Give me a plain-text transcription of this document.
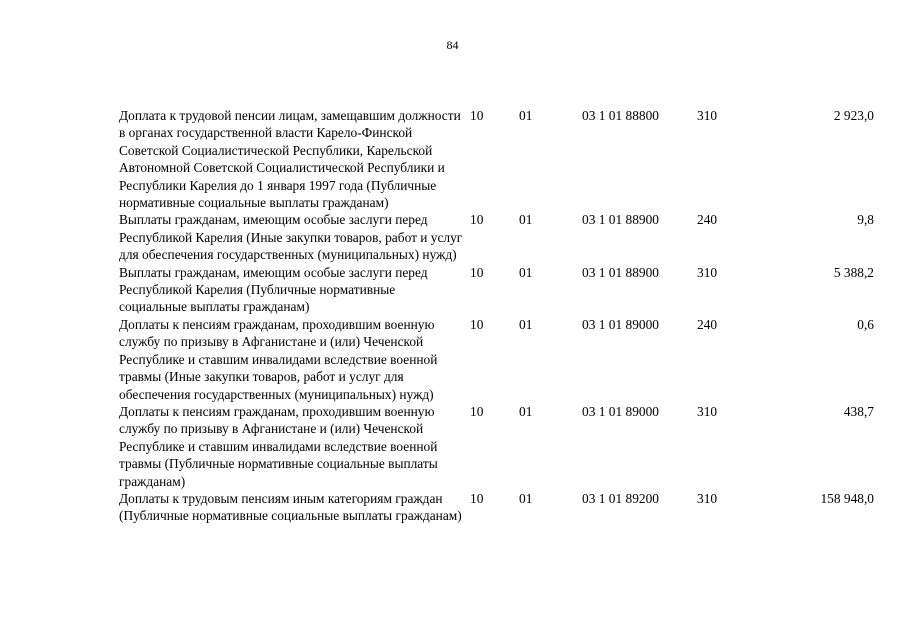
84
Доплата к трудовой пенсии лицам, замещавшим должности в органах государственной власти Карело-Финской Советской Социалистической Республики, Карельской Автономной Советской Социалистической Республики и Республики Карелия до 1 января 1997 года (Публичные нормативные социальные выплаты гражданам)
10	01	03 1 01 88800	310	2 923,0
Выплаты гражданам, имеющим особые заслуги перед Республикой Карелия (Иные закупки товаров, работ и услуг для обеспечения государственных (муниципальных) нужд)
10	01	03 1 01 88900	240	9,8
Выплаты гражданам, имеющим особые заслуги перед Республикой Карелия (Публичные нормативные социальные выплаты гражданам)
10	01	03 1 01 88900	310	5 388,2
Доплаты к пенсиям гражданам, проходившим военную службу по призыву в Афганистане и (или) Чеченской Республике и ставшим инвалидами вследствие военной травмы (Иные закупки товаров, работ и услуг для обеспечения государственных (муниципальных) нужд)
10	01	03 1 01 89000	240	0,6
Доплаты к пенсиям гражданам, проходившим военную службу по призыву в Афганистане и (или) Чеченской Республике и ставшим инвалидами вследствие военной травмы (Публичные нормативные социальные выплаты гражданам)
10	01	03 1 01 89000	310	438,7
Доплаты к трудовым пенсиям иным категориям граждан (Публичные нормативные социальные выплаты гражданам)
10	01	03 1 01 89200	310	158 948,0
